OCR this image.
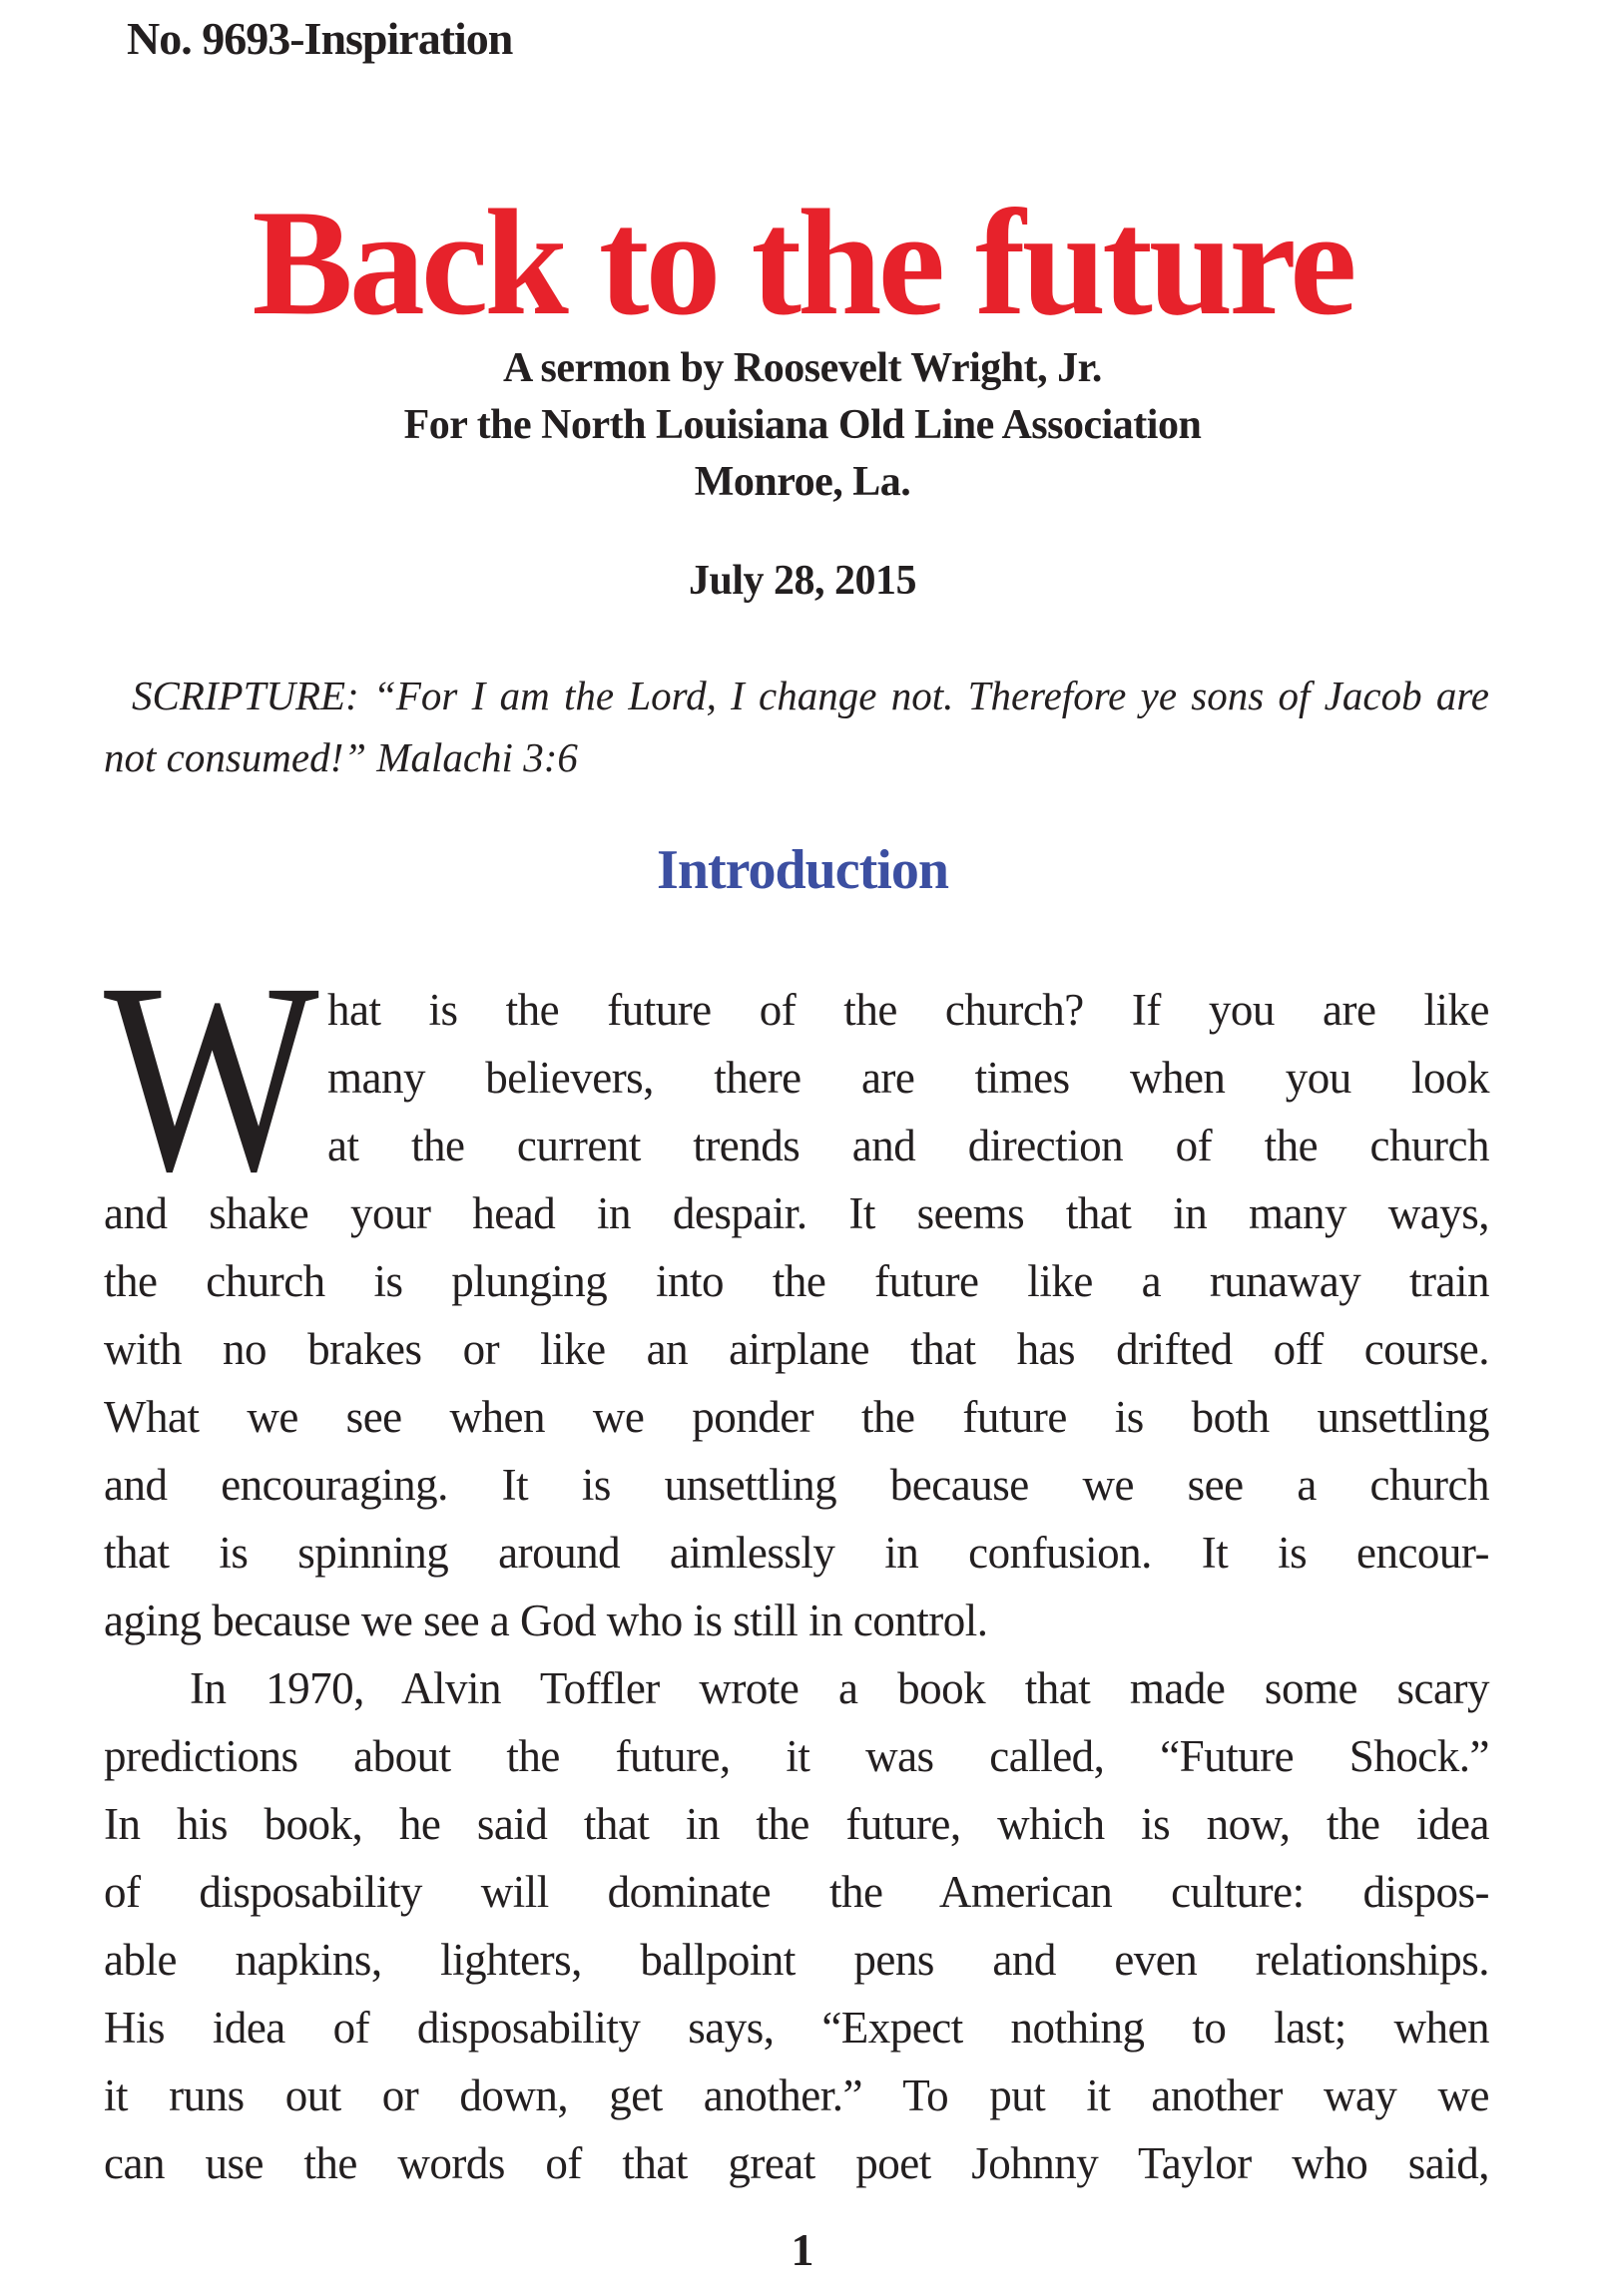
No. 9693-Inspiration
Back to the future
A sermon by Roosevelt Wright, Jr.
For the North Louisiana Old Line Association
Monroe, La.
July 28, 2015
SCRIPTURE: “For I am the Lord, I change not. Therefore ye sons of Jacob are
not consumed!” Malachi 3:6
Introduction
W hat is the future of the church? If you are like
many believers, there are times when you look
at the current trends and direction of the church
and shake your head in despair. It seems that in many ways,
the church is plunging into the future like a runaway train
with no brakes or like an airplane that has drifted off course.
What we see when we ponder the future is both unsettling
and encouraging. It is unsettling because we see a church
that is spinning around aimlessly in confusion. It is encour-
aging because we see a God who is still in control.
In 1970, Alvin Toffler wrote a book that made some scary
predictions about the future, it was called, “Future Shock.”
In his book, he said that in the future, which is now, the idea
of disposability will dominate the American culture: dispos-
able napkins, lighters, ballpoint pens and even relationships.
His idea of disposability says, “Expect nothing to last; when
it runs out or down, get another.” To put it another way we
can use the words of that great poet Johnny Taylor who said,
1
